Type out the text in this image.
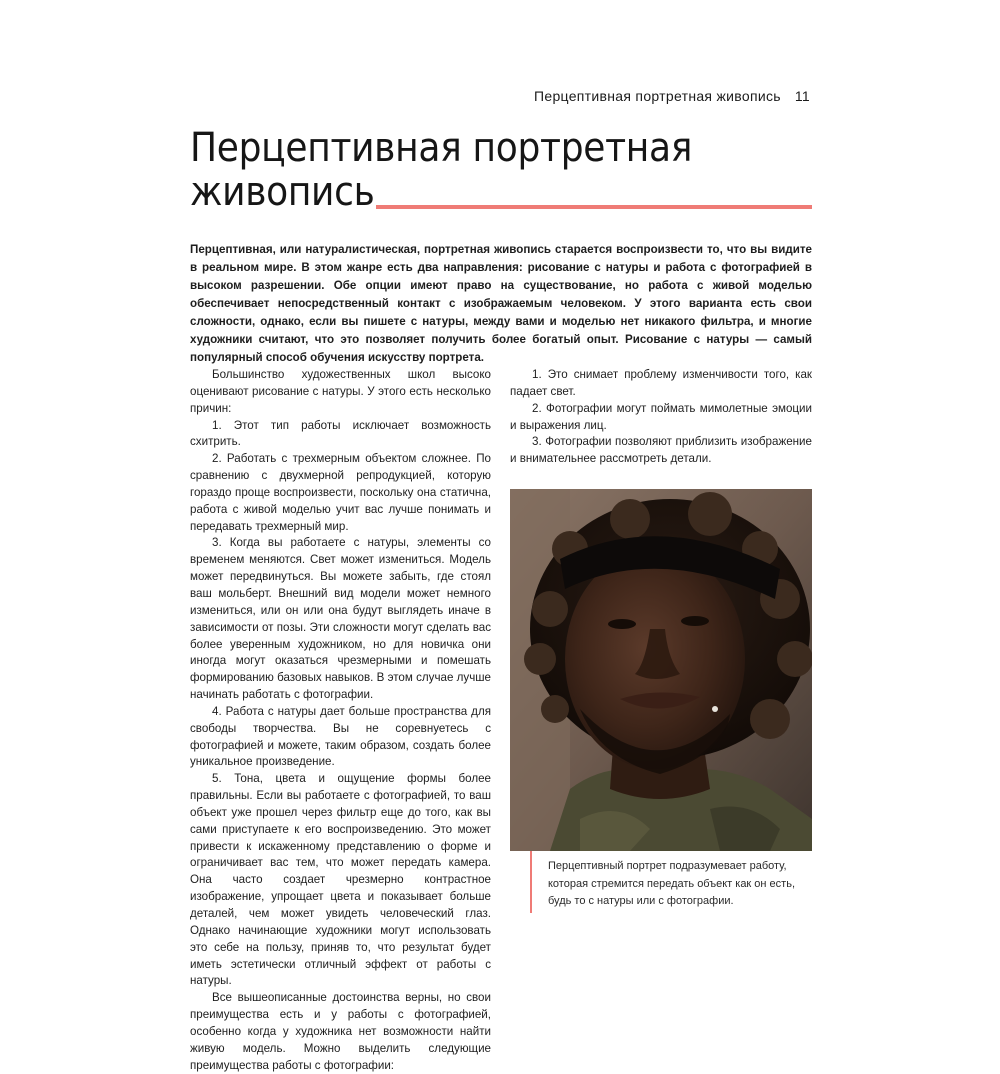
Перцептивная портретная живопись 11
Перцептивная портретная
живопись

Перцептивная, или натуралистическая, портретная живопись старается воспроизвести то, что вы видите в реальном мире. В этом жанре есть два направления: рисование с натуры и работа с фотографией в высоком разрешении. Обе опции имеют право на существование, но работа с живой моделью обеспечивает непосредственный контакт с изображаемым человеком. У этого варианта есть свои сложности, однако, если вы пишете с натуры, между вами и моделью нет никакого фильтра, и многие художники считают, что это позволяет получить более богатый опыт. Рисование с натуры — самый популярный способ обучения искусству портрета.

Большинство художественных школ высоко оценивают рисование с натуры. У этого есть несколько причин:

1. Этот тип работы исключает возможность схитрить.

2. Работать с трехмерным объектом сложнее. По сравнению с двухмерной репродукцией, которую гораздо проще воспроизвести, поскольку она статична, работа с живой моделью учит вас лучше понимать и передавать трехмерный мир.

3. Когда вы работаете с натуры, элементы со временем меняются. Свет может измениться. Модель может передвинуться. Вы можете забыть, где стоял ваш мольберт. Внешний вид модели может немного измениться, или он или она будут выглядеть иначе в зависимости от позы. Эти сложности могут сделать вас более уверенным художником, но для новичка они иногда могут оказаться чрезмерными и помешать формированию базовых навыков. В этом случае лучше начинать работать с фотографии.

4. Работа с натуры дает больше пространства для свободы творчества. Вы не соревнуетесь с фотографией и можете, таким образом, создать более уникальное произведение.

5. Тона, цвета и ощущение формы более правильны. Если вы работаете с фотографией, то ваш объект уже прошел через фильтр еще до того, как вы сами приступаете к его воспроизведению. Это может привести к искаженному представлению о форме и ограничивает вас тем, что может передать камера. Она часто создает чрезмерно контрастное изображение, упрощает цвета и показывает больше деталей, чем может увидеть человеческий глаз. Однако начинающие художники могут использовать это себе на пользу, приняв то, что результат будет иметь эстетически отличный эффект от работы с натуры.

Все вышеописанные достоинства верны, но свои преимущества есть и у работы с фотографией, особенно когда у художника нет возможности найти живую модель. Можно выделить следующие преимущества работы с фотографии:

1. Это снимает проблему изменчивости того, как падает свет.

2. Фотографии могут поймать мимолетные эмоции и выражения лиц.

3. Фотографии позволяют приблизить изображение и внимательнее рассмотреть детали.

Перцептивный портрет подразумевает работу, которая стремится передать объект как он есть, будь то с натуры или с фотографии.
